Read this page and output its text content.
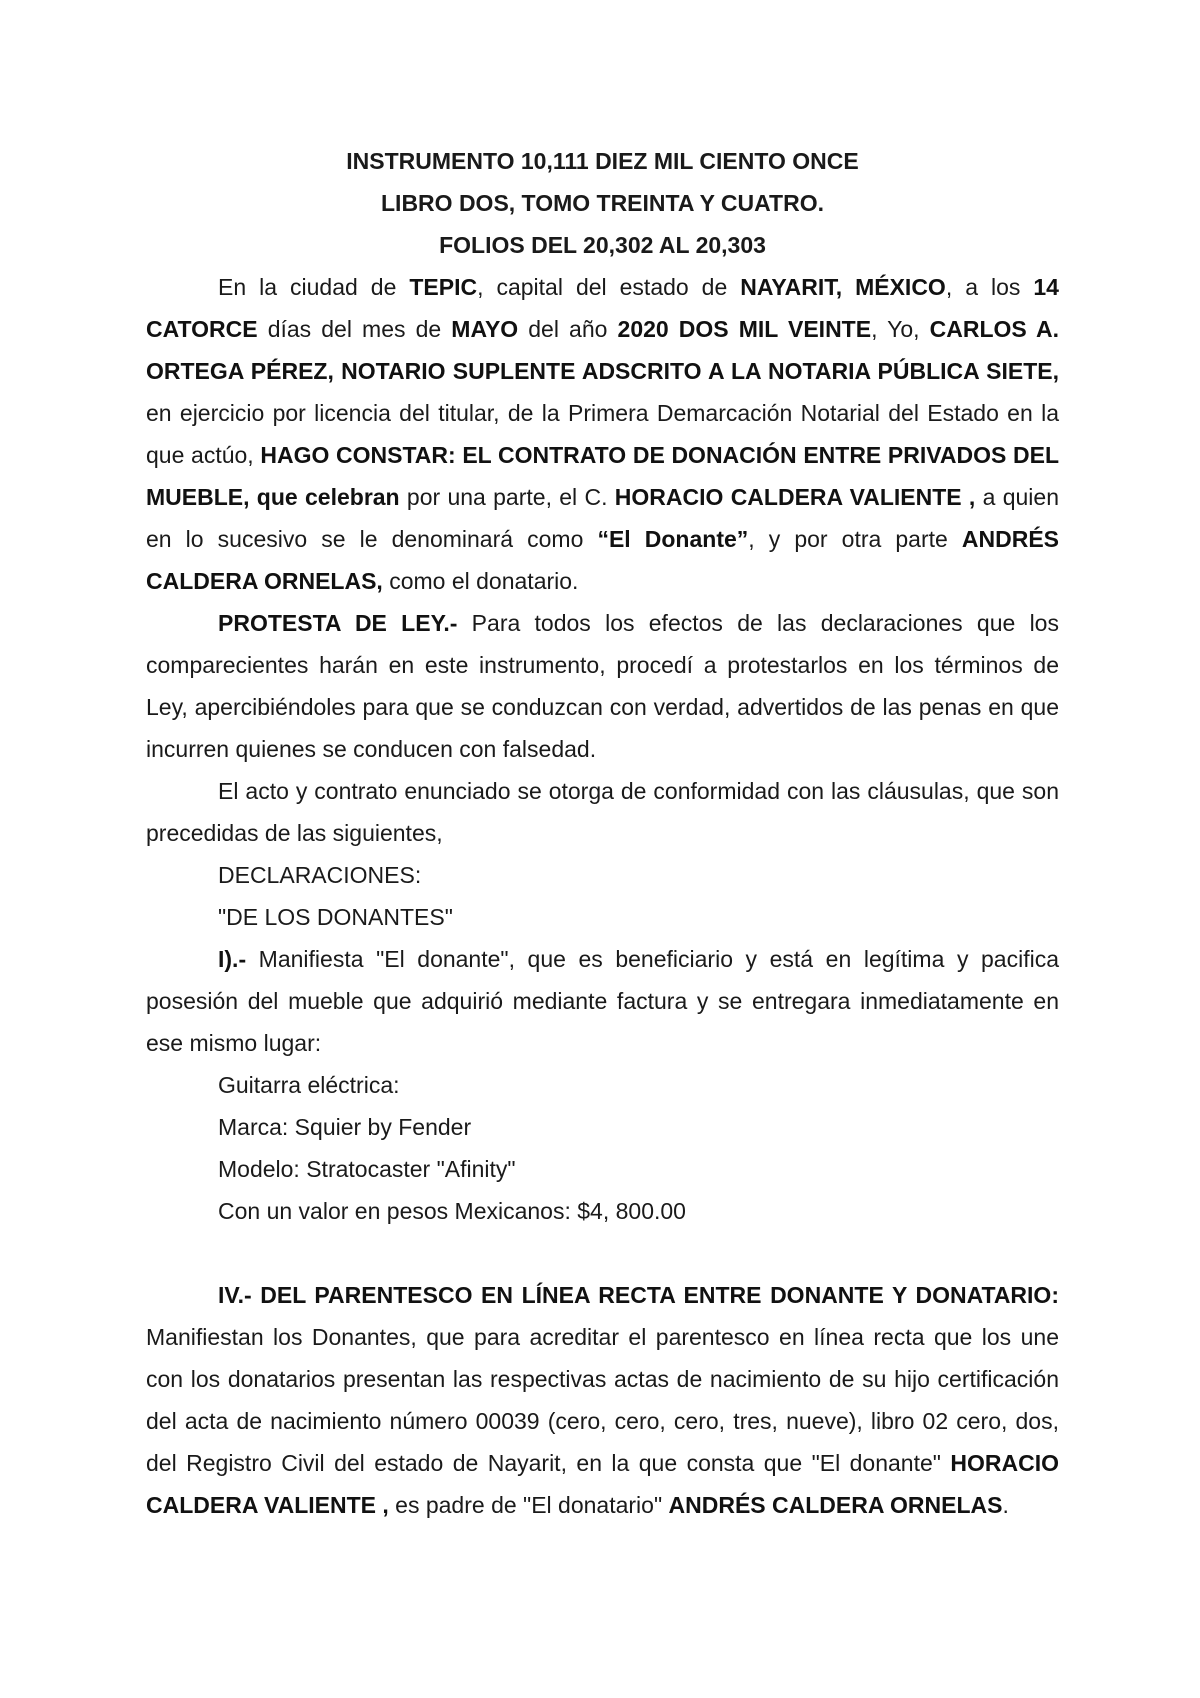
INSTRUMENTO 10,111 DIEZ MIL CIENTO ONCE

LIBRO DOS, TOMO TREINTA Y CUATRO.

FOLIOS DEL 20,302 AL 20,303

En la ciudad de TEPIC, capital del estado de NAYARIT, MÉXICO, a los 14 CATORCE días del mes de MAYO del año 2020 DOS MIL VEINTE, Yo, CARLOS A. ORTEGA PÉREZ, NOTARIO SUPLENTE ADSCRITO A LA NOTARIA PÚBLICA SIETE, en ejercicio por licencia del titular, de la Primera Demarcación Notarial del Estado en la que actúo, HAGO CONSTAR: EL CONTRATO DE DONACIÓN ENTRE PRIVADOS DEL MUEBLE, que celebran por una parte, el C. HORACIO CALDERA VALIENTE , a quien en lo sucesivo se le denominará como “El Donante”, y por otra parte ANDRÉS CALDERA ORNELAS, como el donatario.

PROTESTA DE LEY.- Para todos los efectos de las declaraciones que los comparecientes harán en este instrumento, procedí a protestarlos en los términos de Ley, apercibiéndoles para que se conduzcan con verdad, advertidos de las penas en que incurren quienes se conducen con falsedad.

El acto y contrato enunciado se otorga de conformidad con las cláusulas, que son precedidas de las siguientes,

DECLARACIONES:

"DE LOS DONANTES"

I).- Manifiesta "El donante", que es beneficiario y está en legítima y pacifica posesión del mueble que adquirió mediante factura y se entregara inmediatamente en ese mismo lugar:

Guitarra eléctrica:

Marca: Squier by Fender

Modelo: Stratocaster "Afinity"

Con un valor en pesos Mexicanos: $4, 800.00

IV.- DEL PARENTESCO EN LÍNEA RECTA ENTRE DONANTE Y DONATARIO: Manifiestan los Donantes, que para acreditar el parentesco en línea recta que los une con los donatarios presentan las respectivas actas de nacimiento de su hijo certificación del acta de nacimiento número 00039 (cero, cero, cero, tres, nueve), libro 02 cero, dos, del Registro Civil del estado de Nayarit, en la que consta que "El donante" HORACIO CALDERA VALIENTE , es padre de "El donatario" ANDRÉS CALDERA ORNELAS.
